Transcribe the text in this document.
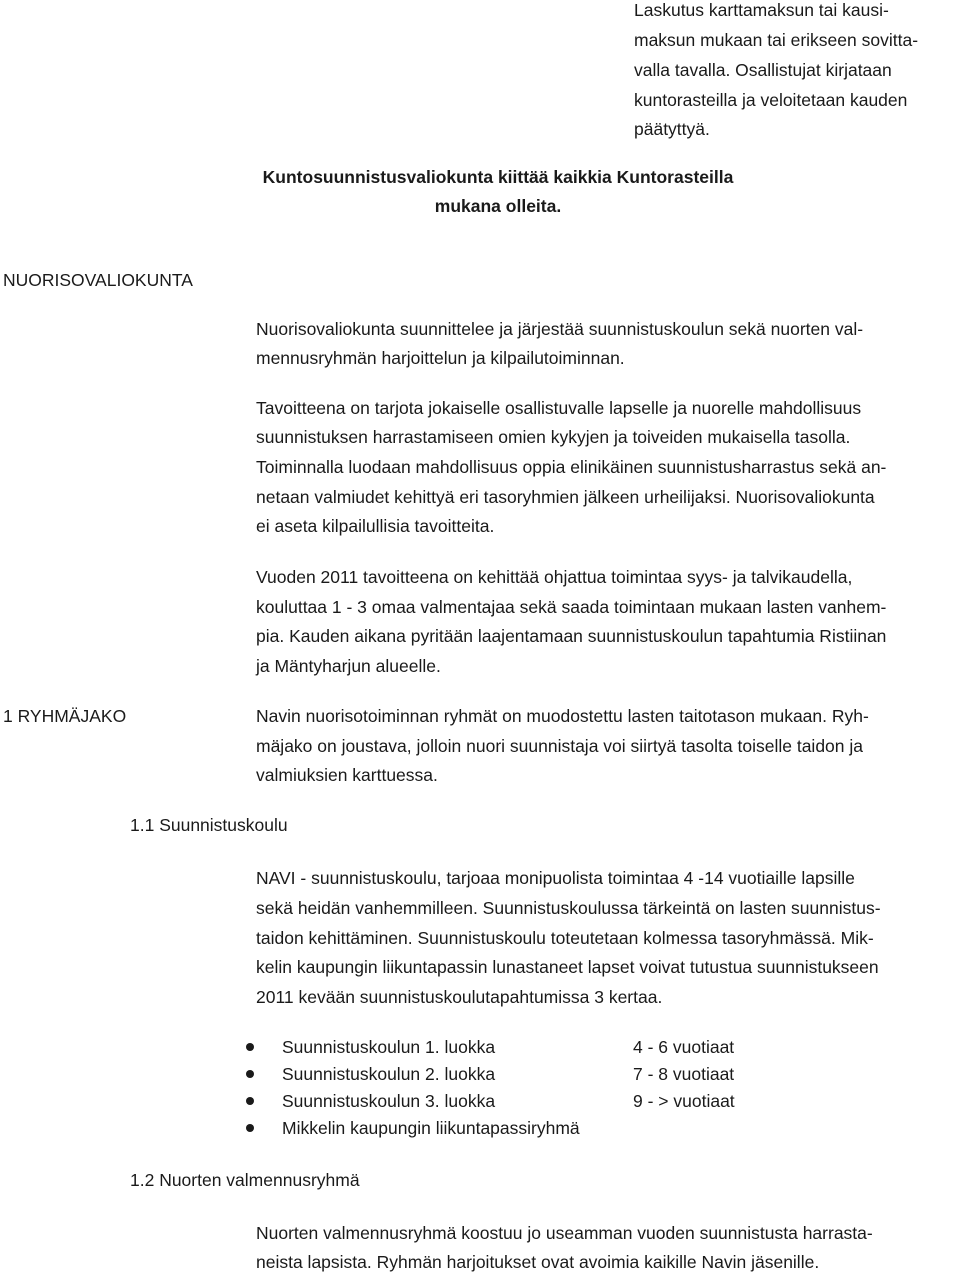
Laskutus karttamaksun tai kausi-
maksun mukaan tai erikseen sovitta-
valla tavalla. Osallistujat kirjataan
kuntorasteilla ja veloitetaan kauden
päätyttyä.
Kuntosuunnistusvaliokunta kiittää kaikkia Kuntorasteilla
mukana olleita.
NUORISOVALIOKUNTA
Nuorisovaliokunta suunnittelee ja järjestää suunnistuskoulun sekä nuorten val-
mennusryhmän harjoittelun ja kilpailutoiminnan.
Tavoitteena on tarjota jokaiselle osallistuvalle lapselle ja nuorelle mahdollisuus
suunnistuksen harrastamiseen omien kykyjen ja toiveiden mukaisella tasolla.
Toiminnalla luodaan mahdollisuus oppia elinikäinen suunnistusharrastus sekä an-
netaan valmiudet kehittyä eri tasoryhmien jälkeen urheilijaksi. Nuorisovaliokunta
ei aseta kilpailullisia tavoitteita.
Vuoden 2011 tavoitteena on kehittää ohjattua toimintaa syys- ja talvikaudella,
kouluttaa 1 - 3 omaa valmentajaa sekä saada toimintaan mukaan lasten vanhem-
pia. Kauden aikana pyritään laajentamaan suunnistuskoulun tapahtumia Ristiinan
ja Mäntyharjun alueelle.
1 RYHMÄJAKO	Navin nuorisotoiminnan ryhmät on muodostettu lasten taitotason mukaan. Ryh-
mäjako on joustava, jolloin nuori suunnistaja voi siirtyä tasolta toiselle taidon ja
valmiuksien karttuessa.
1.1 Suunnistuskoulu
NAVI - suunnistuskoulu, tarjoaa monipuolista toimintaa 4 -14 vuotiaille lapsille
sekä heidän vanhemmilleen. Suunnistuskoulussa tärkeintä on lasten suunnistus-
taidon kehittäminen. Suunnistuskoulu toteutetaan kolmessa tasoryhmässä. Mik-
kelin kaupungin liikuntapassin lunastaneet lapset voivat tutustua suunnistukseen
2011 kevään suunnistuskoulutapahtumissa 3 kertaa.
Suunnistuskoulun 1. luokka	4 - 6 vuotiaat
Suunnistuskoulun 2. luokka	7 - 8 vuotiaat
Suunnistuskoulun 3. luokka	9 - > vuotiaat
Mikkelin kaupungin liikuntapassiryhmä
1.2 Nuorten valmennusryhmä
Nuorten valmennusryhmä koostuu jo useamman vuoden suunnistusta harrasta-
neista lapsista. Ryhmän harjoitukset ovat avoimia kaikille Navin jäsenille.
